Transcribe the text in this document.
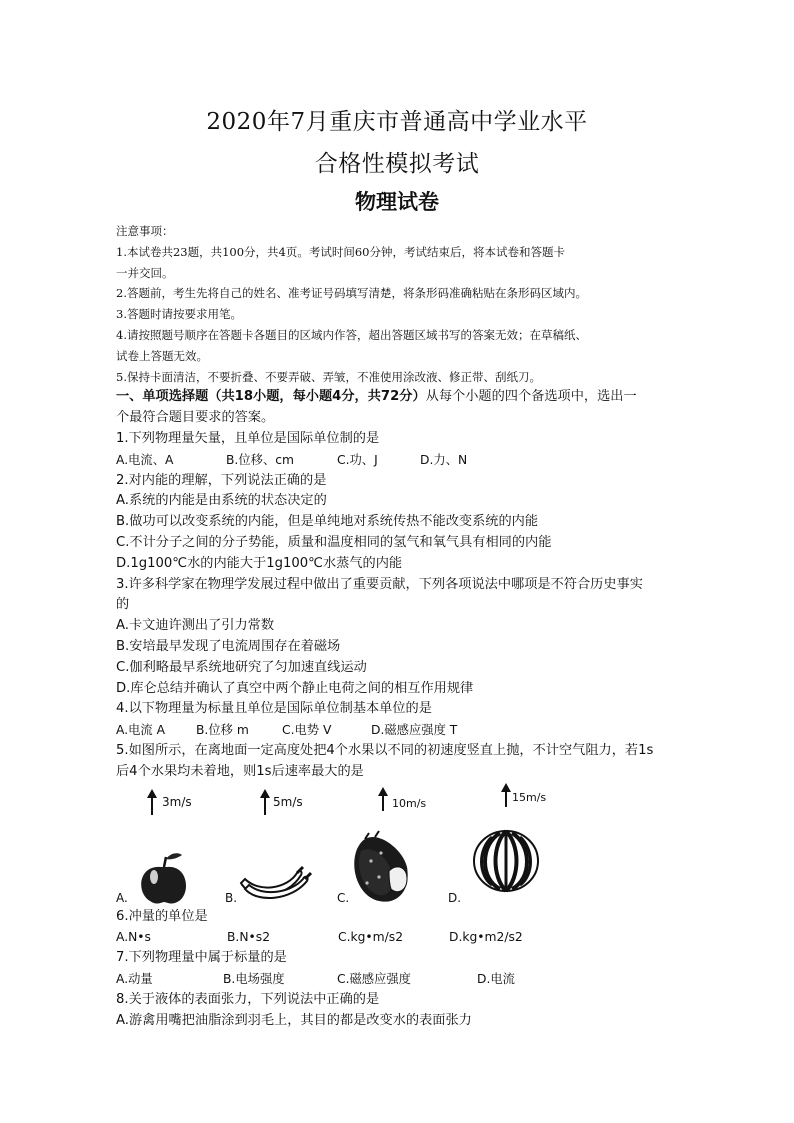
2020年7月重庆市普通高中学业水平
合格性模拟考试
物理试卷
注意事项：
1.本试卷共23题，共100分，共4页。考试时间60分钟，考试结束后，将本试卷和答题卡
一并交回。
2.答题前，考生先将自己的姓名、准考证号码填写清楚，将条形码准确粘贴在条形码区域内。
3.答题时请按要求用笔。
4.请按照题号顺序在答题卡各题目的区域内作答，超出答题区域书写的答案无效；在草稿纸、
试卷上答题无效。
5.保持卡面清洁，不要折叠、不要弄破、弄皱，不准使用涂改液、修正带、刮纸刀。
一、单项选择题（共18小题，每小题4分，共72分）从每个小题的四个备选项中，选出一
个最符合题目要求的答案。
1.下列物理量矢量，且单位是国际单位制的是
A.电流、A	B.位移、cm	C.功、J	D.力、N
2.对内能的理解，下列说法正确的是
A.系统的内能是由系统的状态决定的
B.做功可以改变系统的内能，但是单纯地对系统传热不能改变系统的内能
C.不计分子之间的分子势能，质量和温度相同的氢气和氧气具有相同的内能
D.1g100℃水的内能大于1g100℃水蒸气的内能
3.许多科学家在物理学发展过程中做出了重要贡献，下列各项说法中哪项是不符合历史事实
的
A.卡文迪许测出了引力常数
B.安培最早发现了电流周围存在着磁场
C.伽利略最早系统地研究了匀加速直线运动
D.库仑总结并确认了真空中两个静止电荷之间的相互作用规律
4.以下物理量为标量且单位是国际单位制基本单位的是
A.电流 A	B.位移 m	C.电势 V	D.磁感应强度 T
5.如图所示，在离地面一定高度处把4个水果以不同的初速度竖直上抛，不计空气阻力，若1s
后4个水果均未着地，则1s后速率最大的是
3m/s
A.
5m/s
B.
10m/s
C.
15m/s
D.
6.冲量的单位是
A.N•s	B.N•s2	C.kg•m/s2	D.kg•m2/s2
7.下列物理量中属于标量的是
A.动量	B.电场强度	C.磁感应强度	D.电流
8.关于液体的表面张力，下列说法中正确的是
A.游禽用嘴把油脂涂到羽毛上，其目的都是改变水的表面张力
